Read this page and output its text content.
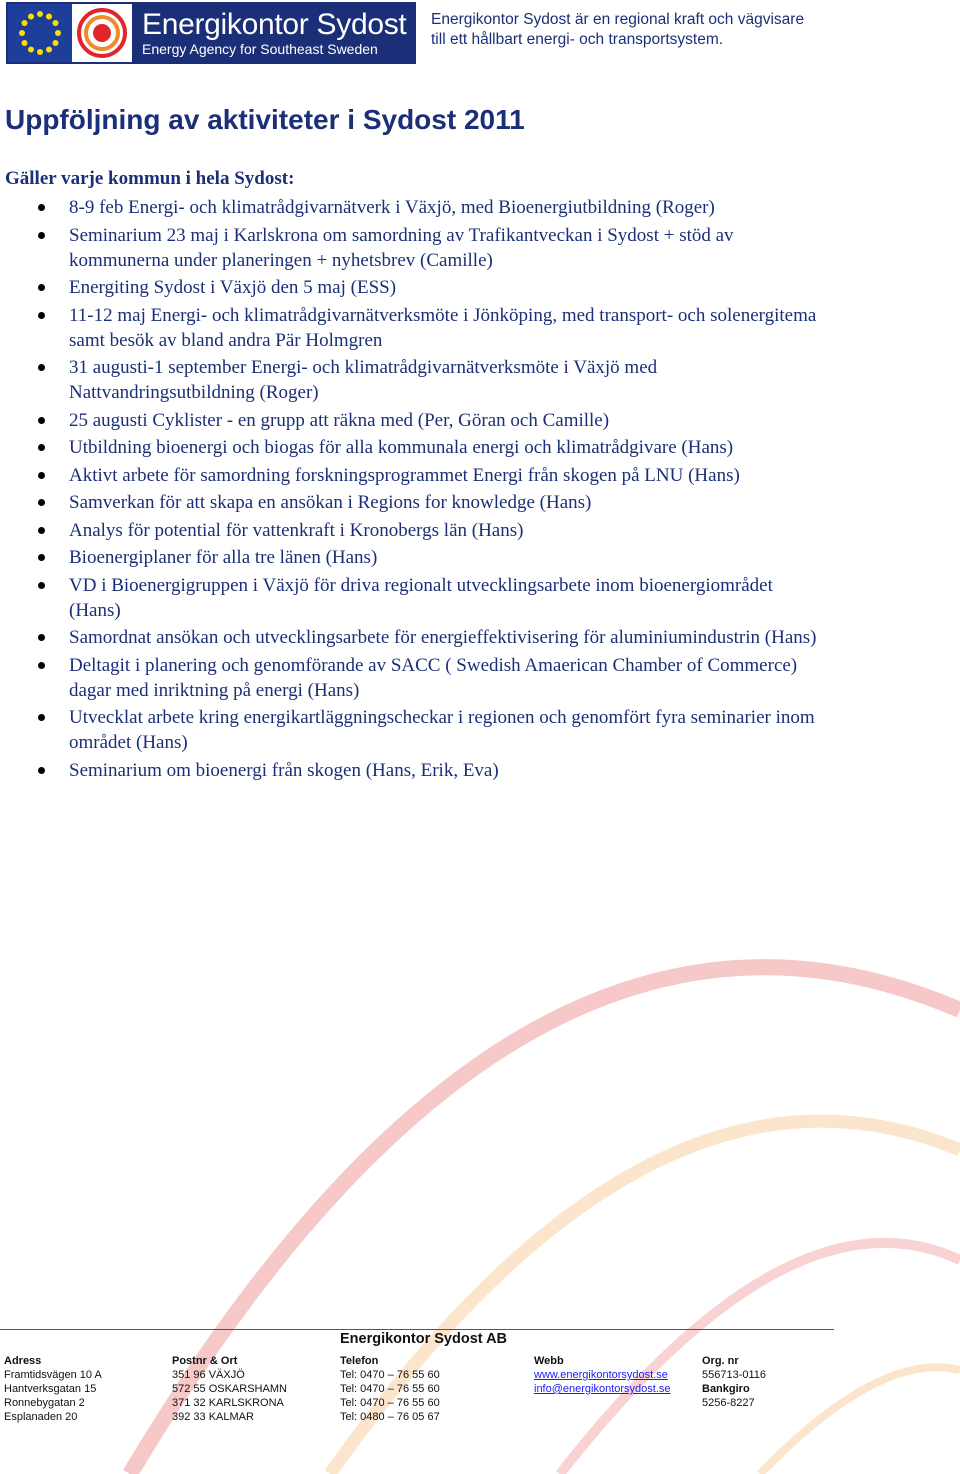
Energikontor Sydost
Energy Agency for Southeast Sweden
Energikontor Sydost är en regional kraft och vägvisare
till ett hållbart energi- och transportsystem.
Uppföljning av aktiviteter i Sydost 2011
Gäller varje kommun i hela Sydost:
8-9 feb Energi- och klimatrådgivarnätverk i Växjö, med Bioenergiutbildning (Roger)
Seminarium 23 maj i Karlskrona om samordning av Trafikantveckan i Sydost + stöd av kommunerna under planeringen + nyhetsbrev (Camille)
Energiting Sydost i Växjö den 5 maj (ESS)
11-12 maj Energi- och klimatrådgivarnätverksmöte i Jönköping, med transport- och solenergitema samt besök av bland andra Pär Holmgren
31 augusti-1 september Energi- och klimatrådgivarnätverksmöte i Växjö med Nattvandringsutbildning (Roger)
25 augusti Cyklister - en grupp att räkna med (Per, Göran och Camille)
Utbildning bioenergi och biogas för alla kommunala energi och klimatrådgivare (Hans)
Aktivt arbete för samordning forskningsprogrammet Energi från skogen på LNU (Hans)
Samverkan för att skapa en ansökan i Regions for knowledge (Hans)
Analys för potential för vattenkraft i Kronobergs län (Hans)
Bioenergiplaner för alla tre länen (Hans)
VD i Bioenergigruppen i Växjö för driva regionalt utvecklingsarbete inom bioenergiområdet (Hans)
Samordnat ansökan och utvecklingsarbete för energieffektivisering för aluminiumindustrin (Hans)
Deltagit i planering och genomförande av SACC ( Swedish Amaerican Chamber of Commerce) dagar med inriktning på energi (Hans)
Utvecklat arbete kring energikartläggningscheckar i regionen och genomfört fyra seminarier inom området (Hans)
Seminarium om bioenergi från skogen (Hans, Erik, Eva)
Energikontor Sydost AB
Adress
Framtidsvägen 10 A
Hantverksgatan 15
Ronnebygatan 2
Esplanaden 20
Postnr & Ort
351 96 VÄXJÖ
572 55 OSKARSHAMN
371 32 KARLSKRONA
392 33 KALMAR
Telefon
Tel: 0470 – 76 55 60
Tel: 0470 – 76 55 60
Tel: 0470 – 76 55 60
Tel: 0480 – 76 05 67
Webb
www.energikontorsydost.se
info@energikontorsydost.se
Org. nr
556713-0116
Bankgiro
5256-8227
